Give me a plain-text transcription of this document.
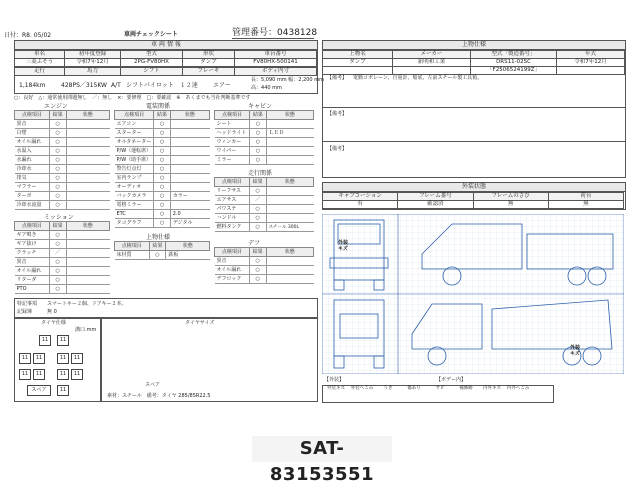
日付：R8. 05/02	車両チェックシート	管理番号：0438128
車 両 情 報
車名	初年度登録	型式	形状	車台番号
三菱ふそう	令和7年12月	2PG-FV80HX	ダンプ	FV80HX-500141
走行	馬力	シフト	ブレーキ	ボディ内寸
1,184km	428PS／315KW A/T シフトパイロット　１２速	エアー
長：5,090 mm 幅：2,200 mm
高：440 mm
○：良好　 △：通常使用問題無し　 ／：無し　 ×：要修理　 □：要確認　 ※　あくまでも当社判断基準です
エンジン
点検項目	結果	状態
異音	○	
白煙	○	
オイル漏れ	○	
水温入	○	
水漏れ	○	
冷却水	○	
排気	○	
マフラー	○	
ターボ	○	
冷却水流量	○	
ミッション
点検項目	結果	状態
ギア鳴き	○	
ギア抜け	○	
クラッチ	／	
異音	○	
オイル漏れ	○	
リターダ	○	
PTO	○	
電装関係
点検項目	結果	状態
エアコン	○	
スターター	○	
オルタネーター	○	
P/W（運転席）	○	
P/W（助手席）	○	
警告灯点灯	○	
室内ランプ	○	
オーディオ	○	
バックカメラ	○	カラー
電格ミラー	○	
ETC	○	2.0
タコグラフ	○	デジタル
上物仕様
点検項目	結果	状態
床材質	○	鉄板
キャビン
点検項目	結果	状態
シート	○	
ヘッドライト	○	ＬＥＤ
ウィンカー	○	
ワイパー	○	
ミラー	○	
走行関係
点検項目	結果	状態
リーフサス	○	
エアサス	／	
パワステ	○	
ハンドル	○	
燃料タンク	○	スチール 300L
デフ
点検項目	結果	状態
異音	○	
オイル漏れ	○	
デフロック	○	
特記事項 スマートキー２個、ドアキー２本。
記録簿	無 0
タイヤ仕様
溝口.mm
11	11
11	11	11	11
11	11	11	11
スペア	11
タイヤサイズ
スペア
素材：スチール　備考：タイヤ 285/85R22.5
上物仕様
上物名	メーカー	型式「製造番号」	年式
ダンプ	新明和工業	DRS11-02SC	令和7年12月
		「F2506524199Z」	
【備考】 電動コボレーン、自重計、船底、左前スチール製工具箱。
【備考】
【備考】
外装状態
キャブコーション	フレーム番号	フレームのさび	荷台
有	確認済	無	無
外装キズ
外装キズ
【外装】	【ボデー内】
外装キズ 外装へこみ うき	傷あり	サビ	補修跡 内外キズ 内外へこみ
SAT-83153551
